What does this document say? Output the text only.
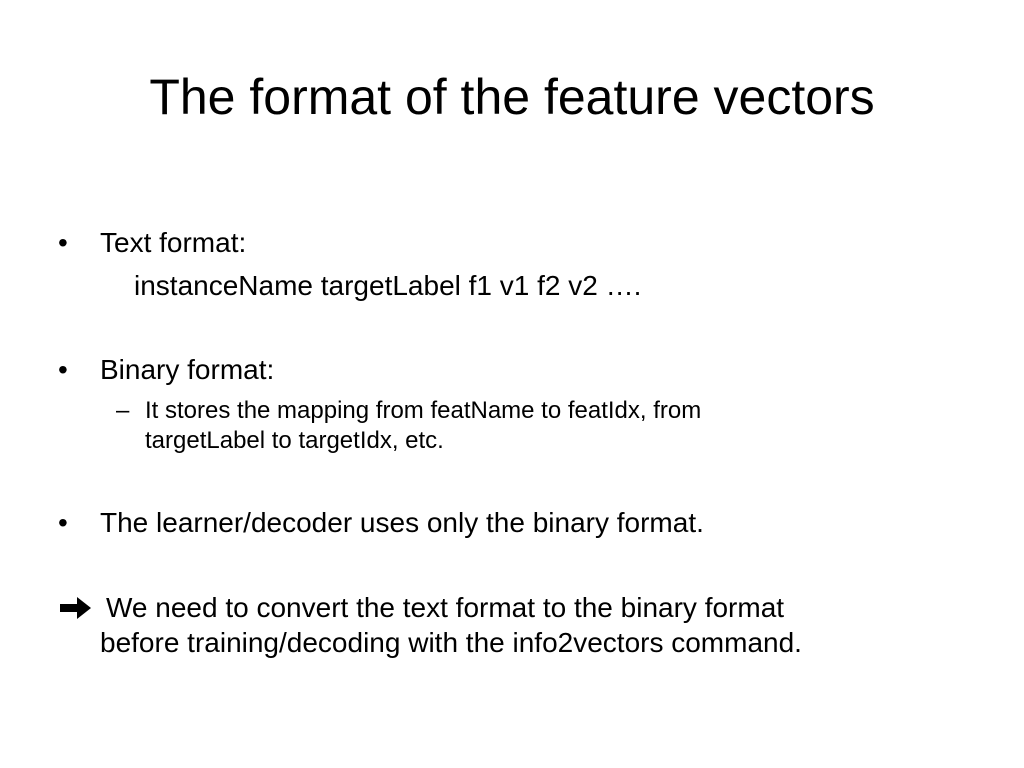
The format of the feature vectors
• Text format:
instanceName targetLabel f1 v1 f2 v2 ….
• Binary format:
– It stores the mapping from featName to featIdx, from
targetLabel to targetIdx, etc.
• The learner/decoder uses only the binary format.
We need to convert the text format to the binary format
before training/decoding with the info2vectors command.
